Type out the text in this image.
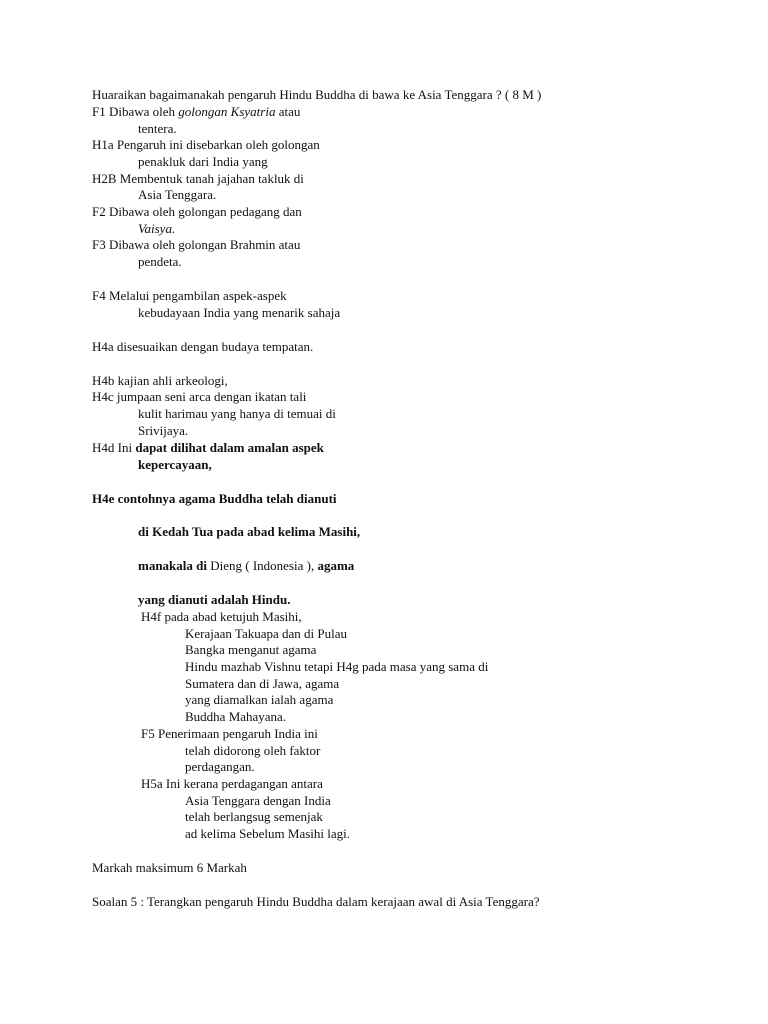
Huaraikan bagaimanakah pengaruh Hindu Buddha di bawa ke Asia Tenggara ? ( 8 M )
F1 Dibawa oleh golongan Ksyatria atau
tentera.
H1a Pengaruh ini disebarkan oleh golongan
penakluk dari India yang
H2B Membentuk tanah jajahan takluk di
Asia Tenggara.
F2 Dibawa oleh golongan pedagang dan
Vaisya.
F3 Dibawa oleh golongan Brahmin atau
pendeta.
F4 Melalui pengambilan aspek-aspek
kebudayaan India yang menarik sahaja
H4a disesuaikan dengan budaya tempatan.
H4b kajian ahli arkeologi,
H4c jumpaan seni arca dengan ikatan tali
kulit harimau yang hanya di temuai di
Srivijaya.
H4d Ini dapat dilihat dalam amalan aspek
kepercayaan,
H4e contohnya agama Buddha telah dianuti
di Kedah Tua pada abad kelima Masihi,
manakala di Dieng ( Indonesia ), agama
yang dianuti adalah Hindu.
H4f pada abad ketujuh Masihi,
Kerajaan Takuapa dan di Pulau
Bangka menganut agama
Hindu mazhab Vishnu tetapi H4g pada masa yang sama di
Sumatera dan di Jawa, agama
yang diamalkan ialah agama
Buddha Mahayana.
F5 Penerimaan pengaruh India ini
telah didorong oleh faktor
perdagangan.
H5a Ini kerana perdagangan antara
Asia Tenggara dengan India
telah berlangsug semenjak
ad kelima Sebelum Masihi lagi.
Markah maksimum 6 Markah
Soalan 5 : Terangkan pengaruh Hindu Buddha dalam kerajaan awal di Asia Tenggara?
